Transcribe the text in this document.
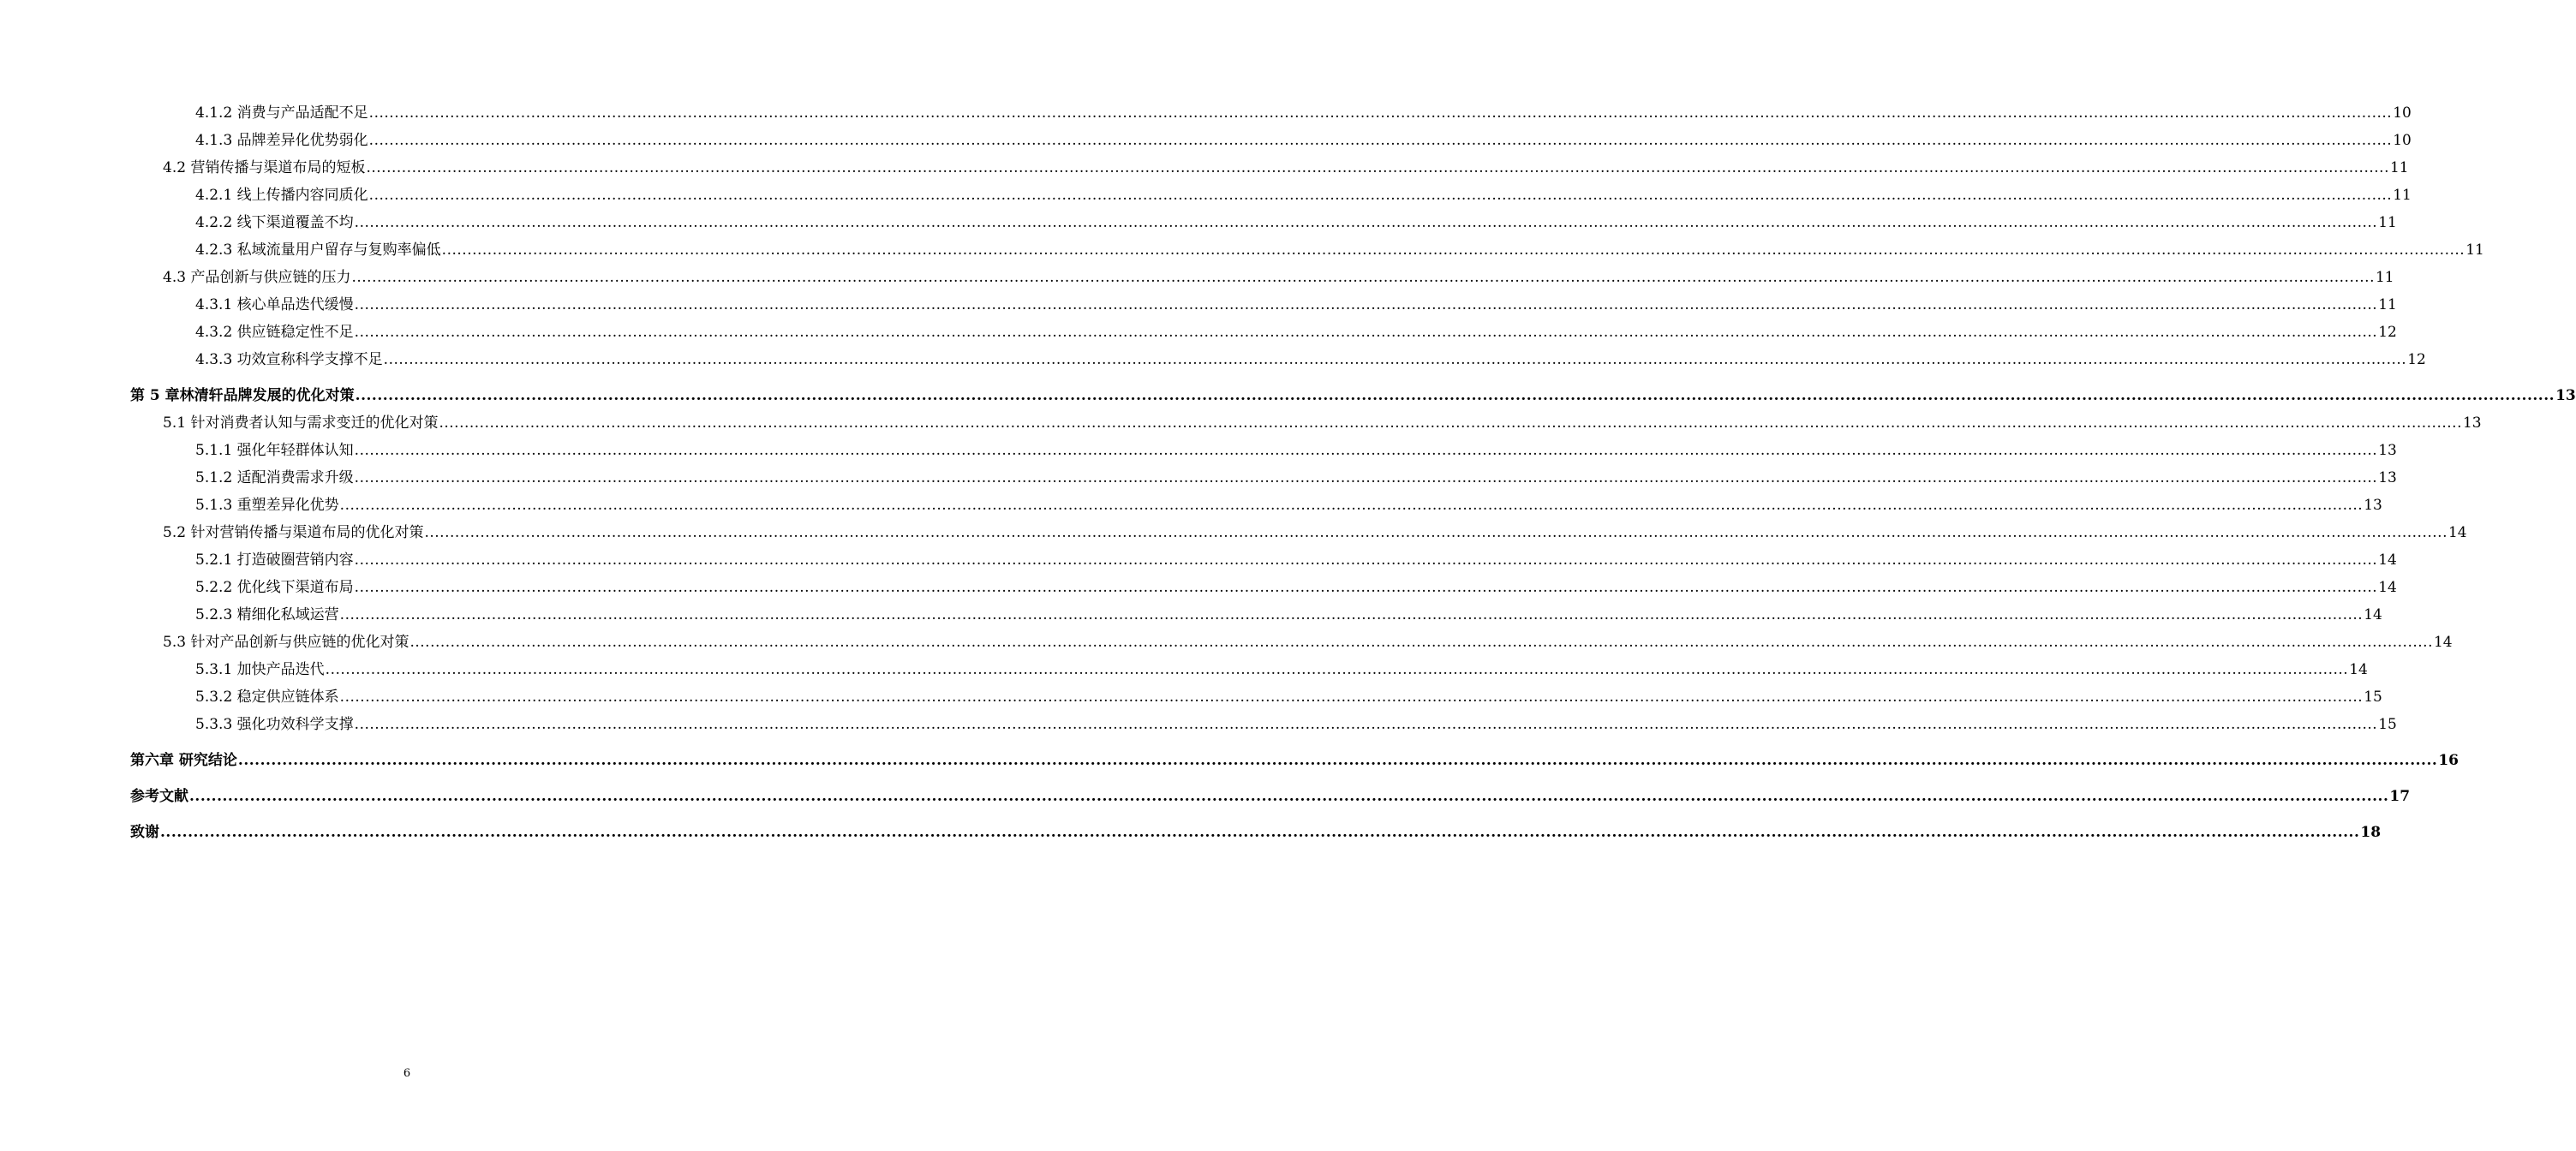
4.1.2 消费与产品适配不足 ................................................................................................................................................................................................................................................................................................................................................................................................................ 10
4.1.3 品牌差异化优势弱化 ................................................................................................................................................................................................................................................................................................................................................................................................................ 10
4.2 营销传播与渠道布局的短板 ................................................................................................................................................................................................................................................................................................................................................................................................................ 11
4.2.1 线上传播内容同质化 ................................................................................................................................................................................................................................................................................................................................................................................................................ 11
4.2.2 线下渠道覆盖不均 ................................................................................................................................................................................................................................................................................................................................................................................................................ 11
4.2.3 私域流量用户留存与复购率偏低 ................................................................................................................................................................................................................................................................................................................................................................................................................ 11
4.3 产品创新与供应链的压力 ................................................................................................................................................................................................................................................................................................................................................................................................................ 11
4.3.1 核心单品迭代缓慢 ................................................................................................................................................................................................................................................................................................................................................................................................................ 11
4.3.2 供应链稳定性不足 ................................................................................................................................................................................................................................................................................................................................................................................................................ 12
4.3.3 功效宣称科学支撑不足 ................................................................................................................................................................................................................................................................................................................................................................................................................ 12
第 5 章林清轩品牌发展的优化对策 ................................................................................................................................................................................................................................................................................................................................................................................................................ 13
5.1 针对消费者认知与需求变迁的优化对策 ................................................................................................................................................................................................................................................................................................................................................................................................................ 13
5.1.1 强化年轻群体认知 ................................................................................................................................................................................................................................................................................................................................................................................................................ 13
5.1.2 适配消费需求升级 ................................................................................................................................................................................................................................................................................................................................................................................................................ 13
5.1.3 重塑差异化优势 ................................................................................................................................................................................................................................................................................................................................................................................................................ 13
5.2 针对营销传播与渠道布局的优化对策 ................................................................................................................................................................................................................................................................................................................................................................................................................ 14
5.2.1 打造破圈营销内容 ................................................................................................................................................................................................................................................................................................................................................................................................................ 14
5.2.2 优化线下渠道布局 ................................................................................................................................................................................................................................................................................................................................................................................................................ 14
5.2.3 精细化私域运营 ................................................................................................................................................................................................................................................................................................................................................................................................................ 14
5.3 针对产品创新与供应链的优化对策 ................................................................................................................................................................................................................................................................................................................................................................................................................ 14
5.3.1 加快产品迭代 ................................................................................................................................................................................................................................................................................................................................................................................................................ 14
5.3.2 稳定供应链体系 ................................................................................................................................................................................................................................................................................................................................................................................................................ 15
5.3.3 强化功效科学支撑 ................................................................................................................................................................................................................................................................................................................................................................................................................ 15
第六章 研究结论 ................................................................................................................................................................................................................................................................................................................................................................................................................ 16
参考文献 ................................................................................................................................................................................................................................................................................................................................................................................................................ 17
致谢 ................................................................................................................................................................................................................................................................................................................................................................................................................ 18
6
